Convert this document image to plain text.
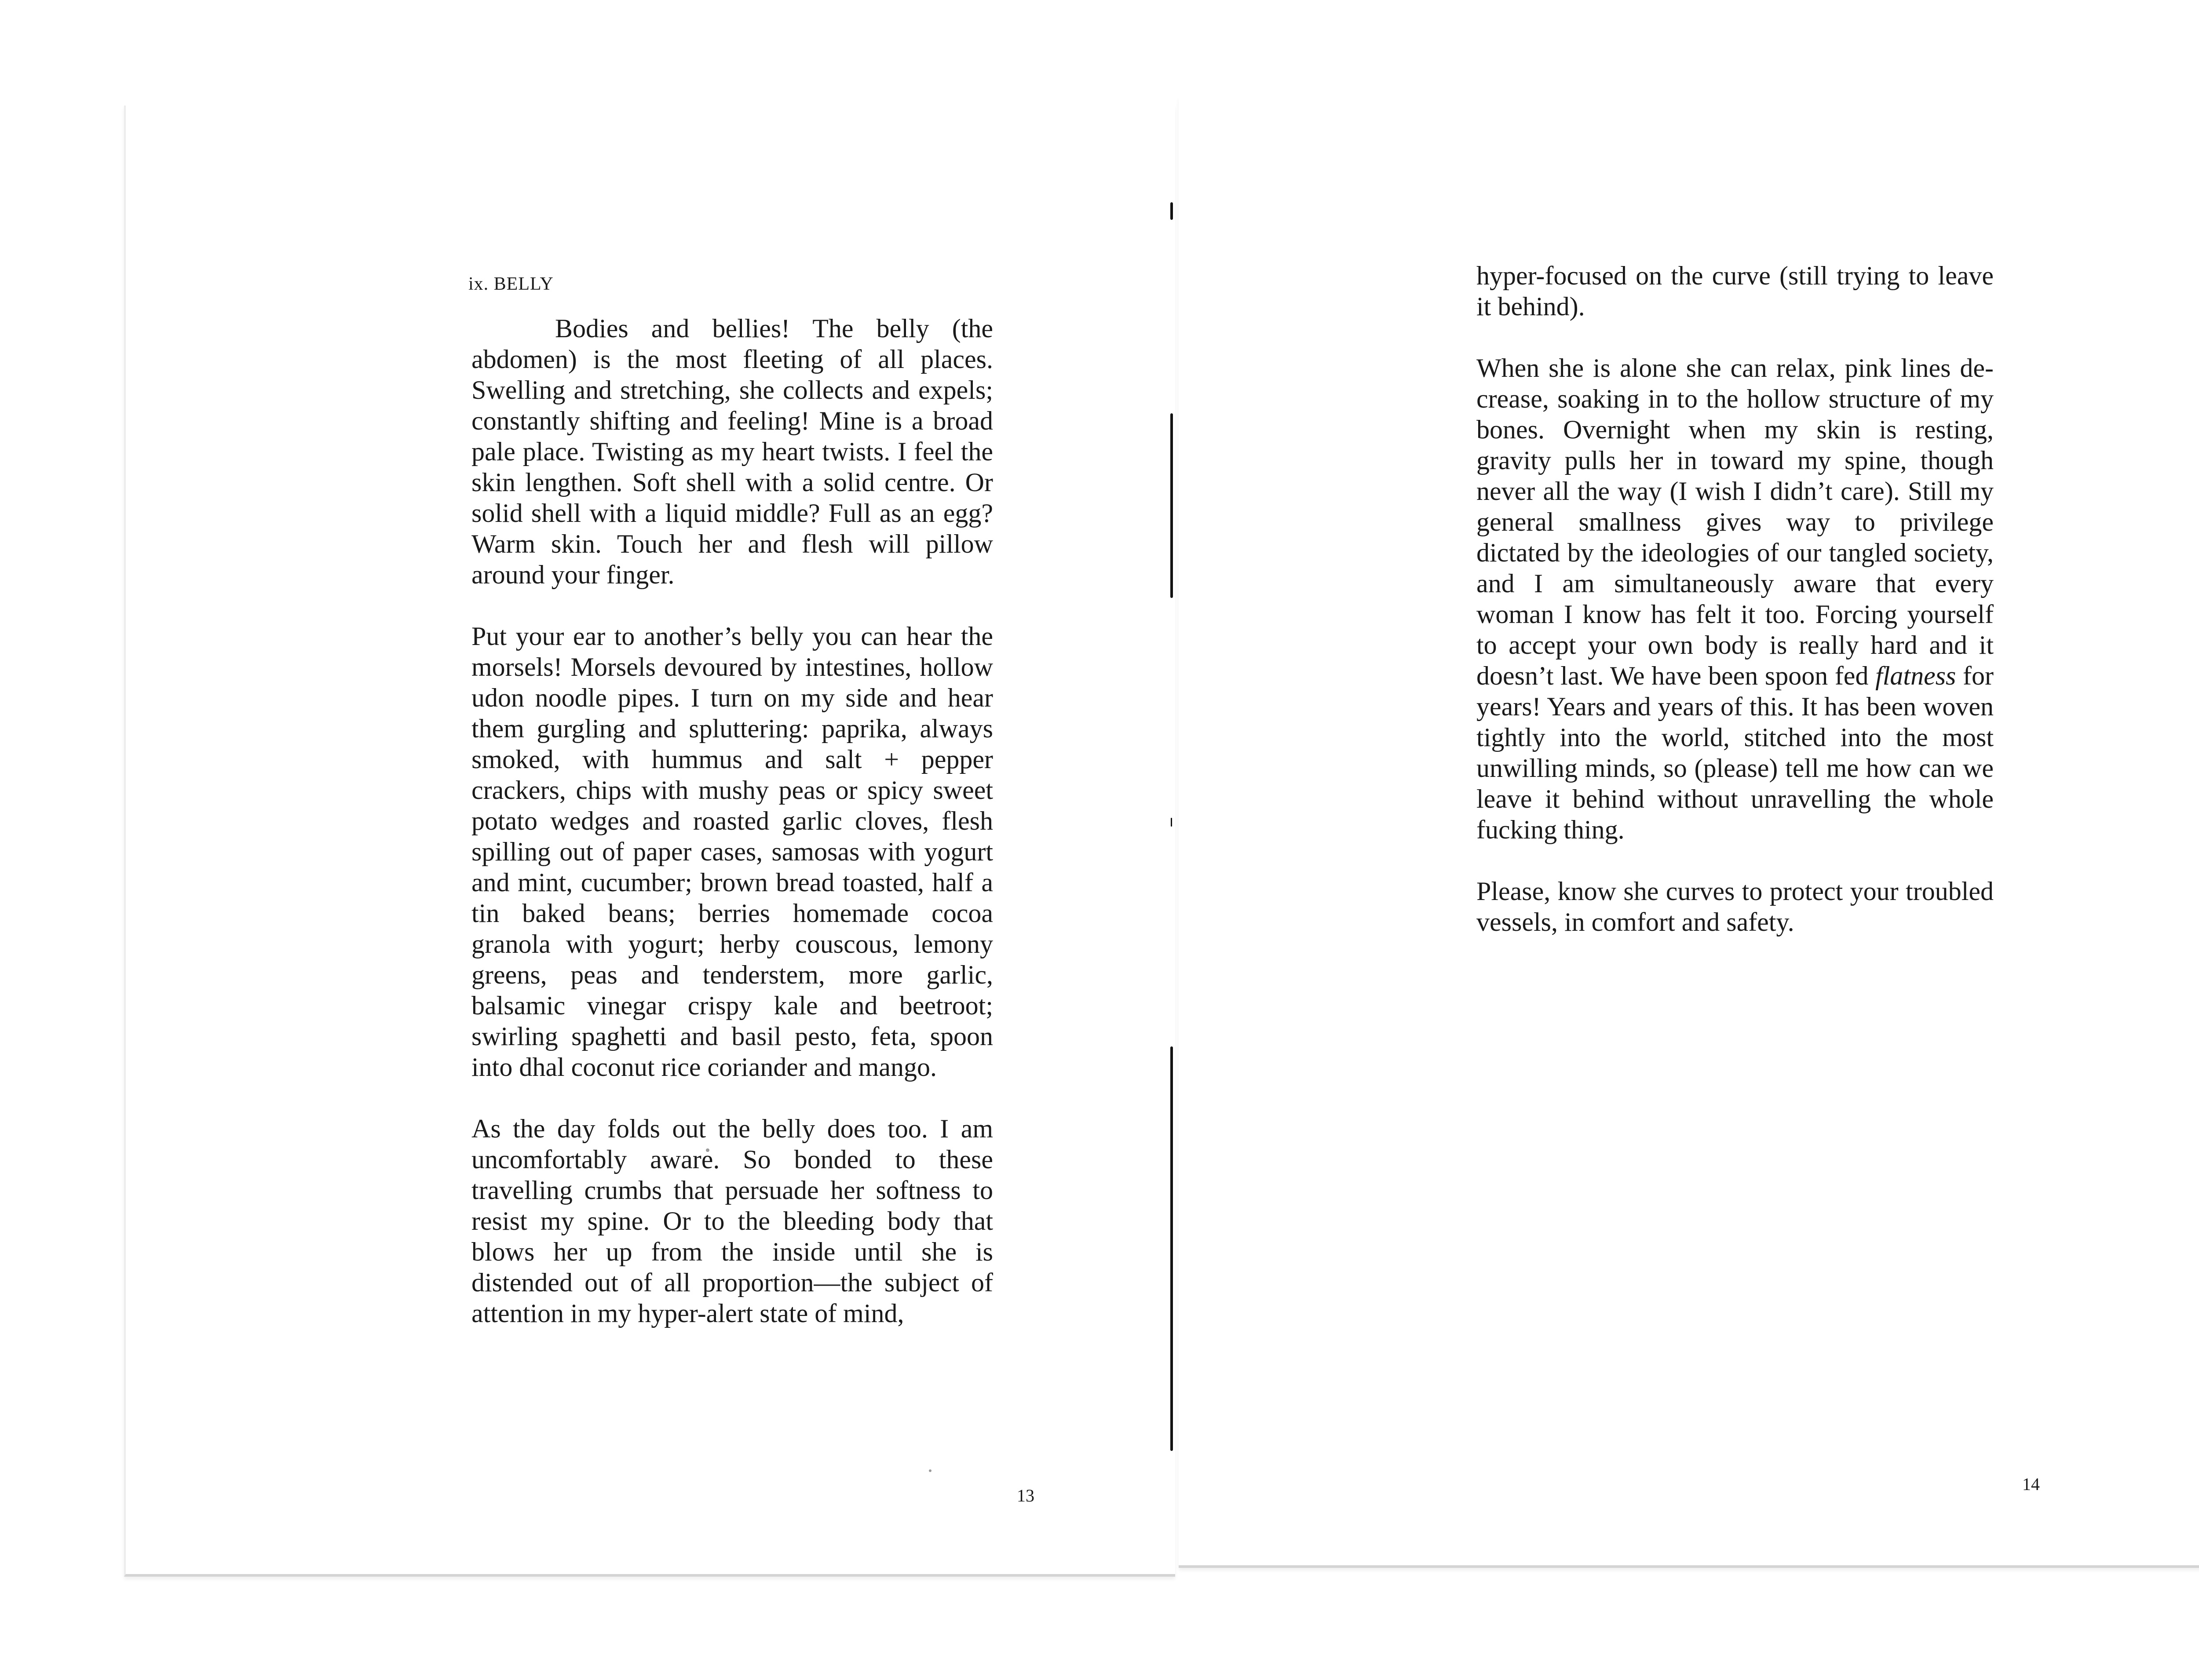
ix. BELLY

Bodies and bellies! The belly (the abdomen) is the most fleeting of all places. Swelling and stretching, she collects and expels; constantly shifting and feeling! Mine is a broad pale place. Twisting as my heart twists. I feel the skin lengthen. Soft shell with a solid centre. Or solid shell with a liquid middle? Full as an egg? Warm skin. Touch her and flesh will pillow around your finger.

Put your ear to another’s belly you can hear the morsels! Morsels devoured by intestines, hollow udon noodle pipes. I turn on my side and hear them gurgling and spluttering: paprika, always smoked, with hummus and salt + pepper crackers, chips with mushy peas or spicy sweet potato wedges and roasted garlic cloves, flesh spilling out of paper cases, samosas with yogurt and mint, cucumber; brown bread toasted, half a tin baked beans; berries homemade cocoa granola with yogurt; herby couscous, lemony greens, peas and tenderstem, more garlic, balsamic vinegar crispy kale and beetroot; swirling spaghetti and basil pesto, feta, spoon into dhal coconut rice coriander and mango.

As the day folds out the belly does too. I am uncomfortably aware. So bonded to these travelling crumbs that persuade her softness to resist my spine. Or to the bleeding body that blows her up from the inside until she is distended out of all proportion—the subject of attention in my hyper-alert state of mind,

13

hyper-focused on the curve (still trying to leave it behind).

When she is alone she can relax, pink lines de-crease, soaking in to the hollow structure of my bones. Overnight when my skin is resting, gravity pulls her in toward my spine, though never all the way (I wish I didn’t care). Still my general smallness gives way to privilege dictated by the ideologies of our tangled society, and I am simultaneously aware that every woman I know has felt it too. Forcing yourself to accept your own body is really hard and it doesn’t last. We have been spoon fed flatness for years! Years and years of this. It has been woven tightly into the world, stitched into the most unwilling minds, so (please) tell me how can we leave it behind without unravelling the whole fucking thing.

Please, know she curves to protect your troubled vessels, in comfort and safety.

14
